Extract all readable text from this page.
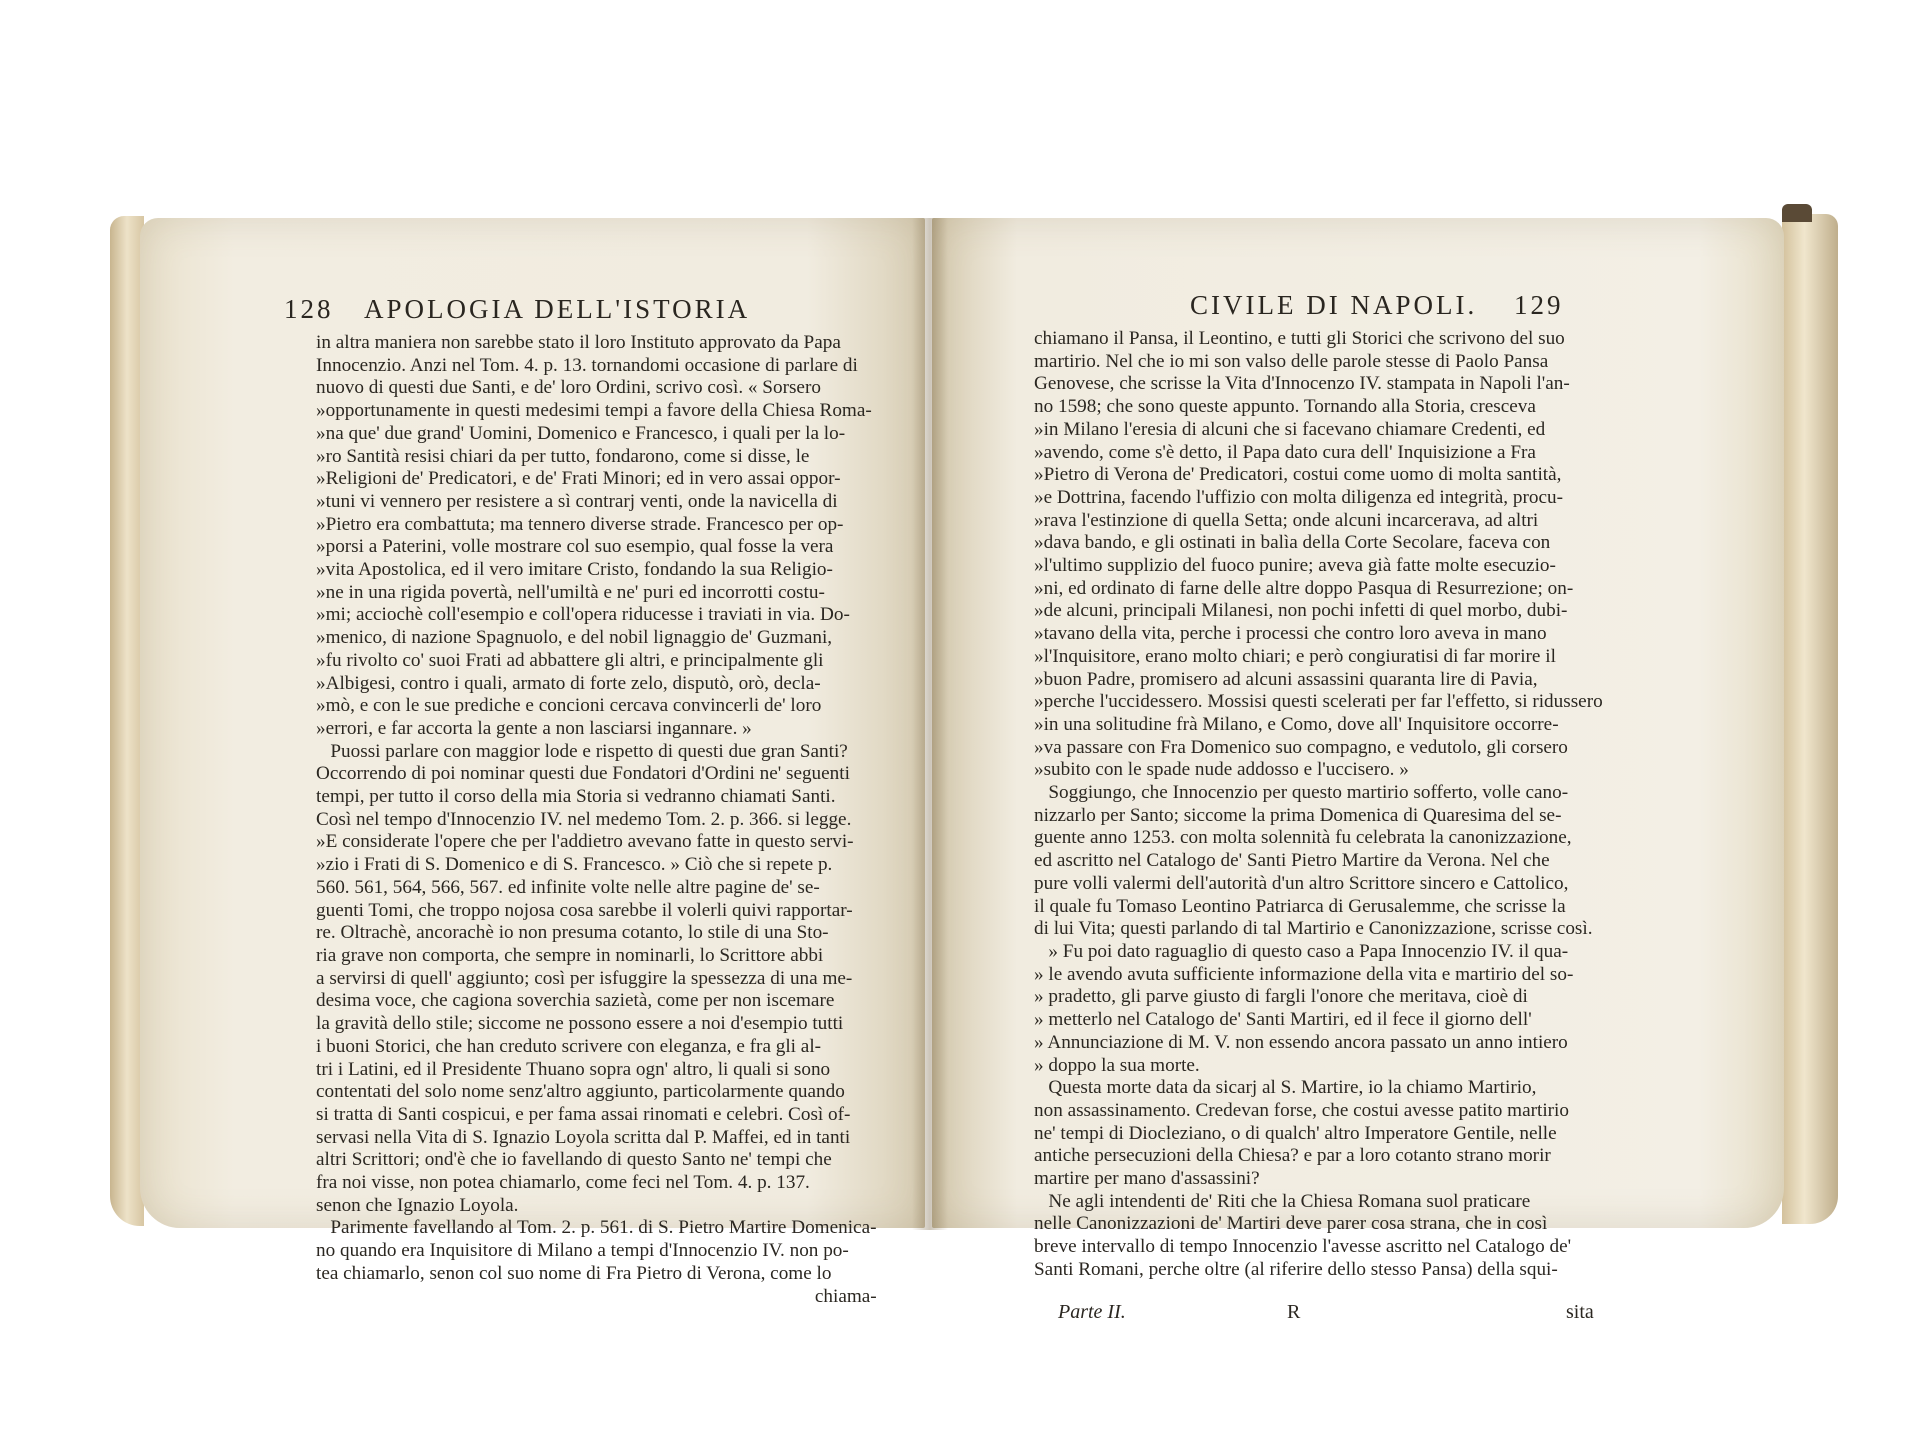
128 APOLOGIA DELL'ISTORIA
in altra maniera non sarebbe stato il loro Instituto approvato da Papa
Innocenzio. Anzi nel Tom. 4. p. 13. tornandomi occasione di parlare di
nuovo di questi due Santi, e de' loro Ordini, scrivo così. « Sorsero
»opportunamente in questi medesimi tempi a favore della Chiesa Roma-
»na que' due grand' Uomini, Domenico e Francesco, i quali per la lo-
»ro Santità resisi chiari da per tutto, fondarono, come si disse, le
»Religioni de' Predicatori, e de' Frati Minori; ed in vero assai oppor-
»tuni vi vennero per resistere a sì contrarj venti, onde la navicella di
»Pietro era combattuta; ma tennero diverse strade. Francesco per op-
»porsi a Paterini, volle mostrare col suo esempio, qual fosse la vera
»vita Apostolica, ed il vero imitare Cristo, fondando la sua Religio-
»ne in una rigida povertà, nell'umiltà e ne' puri ed incorrotti costu-
»mi; acciochè coll'esempio e coll'opera riducesse i traviati in via. Do-
»menico, di nazione Spagnuolo, e del nobil lignaggio de' Guzmani,
»fu rivolto co' suoi Frati ad abbattere gli altri, e principalmente gli
»Albigesi, contro i quali, armato di forte zelo, disputò, orò, decla-
»mò, e con le sue prediche e concioni cercava convincerli de' loro
»errori, e far accorta la gente a non lasciarsi ingannare. »
Puossi parlare con maggior lode e rispetto di questi due gran Santi?
Occorrendo di poi nominar questi due Fondatori d'Ordini ne' seguenti
tempi, per tutto il corso della mia Storia si vedranno chiamati Santi.
Così nel tempo d'Innocenzio IV. nel medemo Tom. 2. p. 366. si legge.
»E considerate l'opere che per l'addietro avevano fatte in questo servi-
»zio i Frati di S. Domenico e di S. Francesco. » Ciò che si repete p.
560. 561, 564, 566, 567. ed infinite volte nelle altre pagine de' se-
guenti Tomi, che troppo nojosa cosa sarebbe il volerli quivi rapportar-
re. Oltrachè, ancorachè io non presuma cotanto, lo stile di una Sto-
ria grave non comporta, che sempre in nominarli, lo Scrittore abbi
a servirsi di quell' aggiunto; così per isfuggire la spessezza di una me-
desima voce, che cagiona soverchia sazietà, come per non iscemare
la gravità dello stile; siccome ne possono essere a noi d'esempio tutti
i buoni Storici, che han creduto scrivere con eleganza, e fra gli al-
tri i Latini, ed il Presidente Thuano sopra ogn' altro, li quali si sono
contentati del solo nome senz'altro aggiunto, particolarmente quando
si tratta di Santi cospicui, e per fama assai rinomati e celebri. Così of-
servasi nella Vita di S. Ignazio Loyola scritta dal P. Maffei, ed in tanti
altri Scrittori; ond'è che io favellando di questo Santo ne' tempi che
fra noi visse, non potea chiamarlo, come feci nel Tom. 4. p. 137.
senon che Ignazio Loyola.
Parimente favellando al Tom. 2. p. 561. di S. Pietro Martire Domenica-
no quando era Inquisitore di Milano a tempi d'Innocenzio IV. non po-
tea chiamarlo, senon col suo nome di Fra Pietro di Verona, come lo
chiama-
CIVILE DI NAPOLI. 129
chiamano il Pansa, il Leontino, e tutti gli Storici che scrivono del suo
martirio. Nel che io mi son valso delle parole stesse di Paolo Pansa
Genovese, che scrisse la Vita d'Innocenzo IV. stampata in Napoli l'an-
no 1598; che sono queste appunto. Tornando alla Storia, cresceva
»in Milano l'eresia di alcuni che si facevano chiamare Credenti, ed
»avendo, come s'è detto, il Papa dato cura dell' Inquisizione a Fra
»Pietro di Verona de' Predicatori, costui come uomo di molta santità,
»e Dottrina, facendo l'uffizio con molta diligenza ed integrità, procu-
»rava l'estinzione di quella Setta; onde alcuni incarcerava, ad altri
»dava bando, e gli ostinati in balìa della Corte Secolare, faceva con
»l'ultimo supplizio del fuoco punire; aveva già fatte molte esecuzio-
»ni, ed ordinato di farne delle altre doppo Pasqua di Resurrezione; on-
»de alcuni, principali Milanesi, non pochi infetti di quel morbo, dubi-
»tavano della vita, perche i processi che contro loro aveva in mano
»l'Inquisitore, erano molto chiari; e però congiuratisi di far morire il
»buon Padre, promisero ad alcuni assassini quaranta lire di Pavia,
»perche l'uccidessero. Mossisi questi scelerati per far l'effetto, si ridussero
»in una solitudine frà Milano, e Como, dove all' Inquisitore occorre-
»va passare con Fra Domenico suo compagno, e vedutolo, gli corsero
»subito con le spade nude addosso e l'uccisero. »
Soggiungo, che Innocenzio per questo martirio sofferto, volle cano-
nizzarlo per Santo; siccome la prima Domenica di Quaresima del se-
guente anno 1253. con molta solennità fu celebrata la canonizzazione,
ed ascritto nel Catalogo de' Santi Pietro Martire da Verona. Nel che
pure volli valermi dell'autorità d'un altro Scrittore sincero e Cattolico,
il quale fu Tomaso Leontino Patriarca di Gerusalemme, che scrisse la
di lui Vita; questi parlando di tal Martirio e Canonizzazione, scrisse così.
» Fu poi dato raguaglio di questo caso a Papa Innocenzio IV. il qua-
» le avendo avuta sufficiente informazione della vita e martirio del so-
» pradetto, gli parve giusto di fargli l'onore che meritava, cioè di
» metterlo nel Catalogo de' Santi Martiri, ed il fece il giorno dell'
» Annunciazione di M. V. non essendo ancora passato un anno intiero
» doppo la sua morte.
Questa morte data da sicarj al S. Martire, io la chiamo Martirio,
non assassinamento. Credevan forse, che costui avesse patito martirio
ne' tempi di Diocleziano, o di qualch' altro Imperatore Gentile, nelle
antiche persecuzioni della Chiesa? e par a loro cotanto strano morir
martire per mano d'assassini?
Ne agli intendenti de' Riti che la Chiesa Romana suol praticare
nelle Canonizzazioni de' Martiri deve parer cosa strana, che in così
breve intervallo di tempo Innocenzio l'avesse ascritto nel Catalogo de'
Santi Romani, perche oltre (al riferire dello stesso Pansa) della squi-
Parte II.	R	sita
